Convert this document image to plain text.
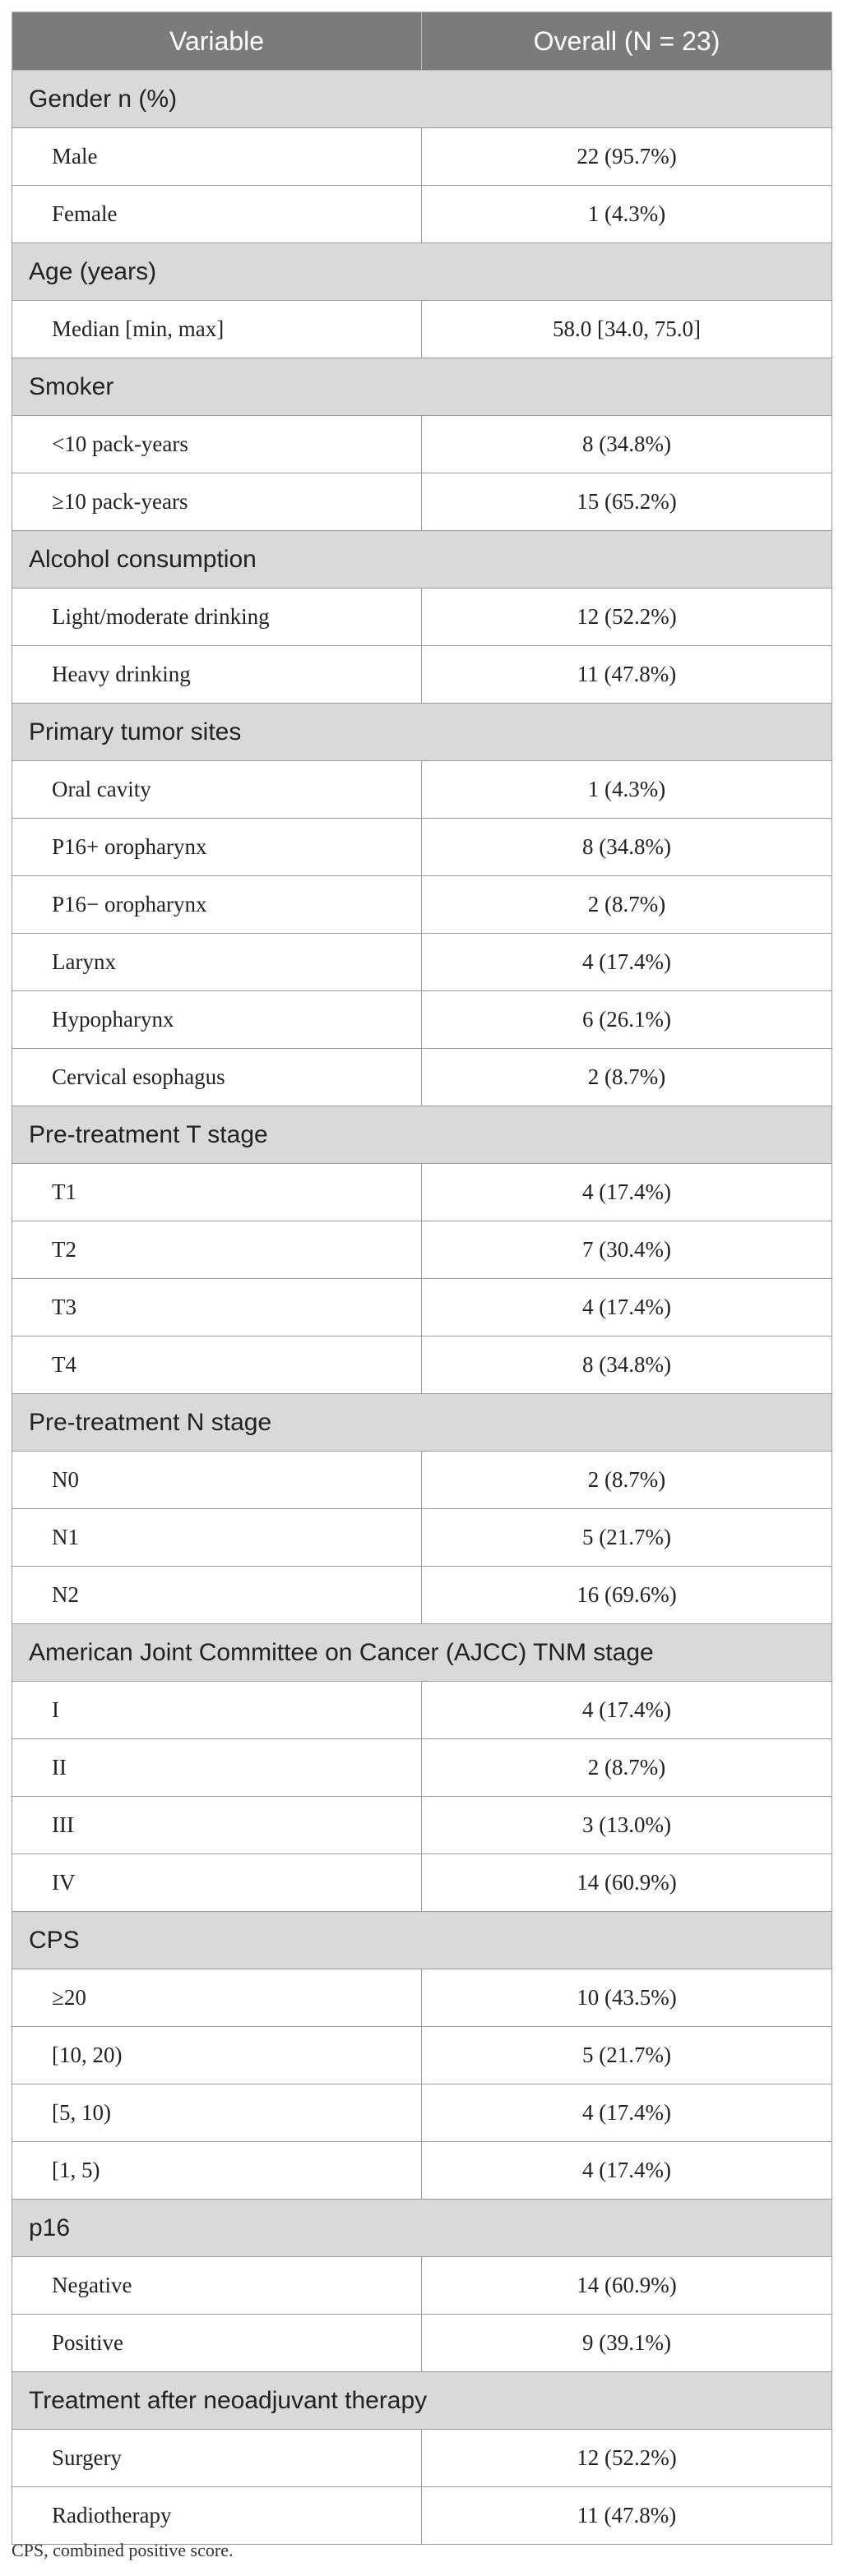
Variable	Overall (N = 23)
Gender n (%)	
Male	22 (95.7%)
Female	1 (4.3%)
Age (years)	
Median [min, max]	58.0 [34.0, 75.0]
Smoker	
<10 pack-years	8 (34.8%)
≥10 pack-years	15 (65.2%)
Alcohol consumption	
Light/moderate drinking	12 (52.2%)
Heavy drinking	11 (47.8%)
Primary tumor sites	
Oral cavity	1 (4.3%)
P16+ oropharynx	8 (34.8%)
P16− oropharynx	2 (8.7%)
Larynx	4 (17.4%)
Hypopharynx	6 (26.1%)
Cervical esophagus	2 (8.7%)
Pre-treatment T stage	
T1	4 (17.4%)
T2	7 (30.4%)
T3	4 (17.4%)
T4	8 (34.8%)
Pre-treatment N stage	
N0	2 (8.7%)
N1	5 (21.7%)
N2	16 (69.6%)
American Joint Committee on Cancer (AJCC) TNM stage	
I	4 (17.4%)
II	2 (8.7%)
III	3 (13.0%)
IV	14 (60.9%)
CPS	
≥20	10 (43.5%)
[10, 20)	5 (21.7%)
[5, 10)	4 (17.4%)
[1, 5)	4 (17.4%)
p16	
Negative	14 (60.9%)
Positive	9 (39.1%)
Treatment after neoadjuvant therapy	
Surgery	12 (52.2%)
Radiotherapy	11 (47.8%)
CPS, combined positive score.
